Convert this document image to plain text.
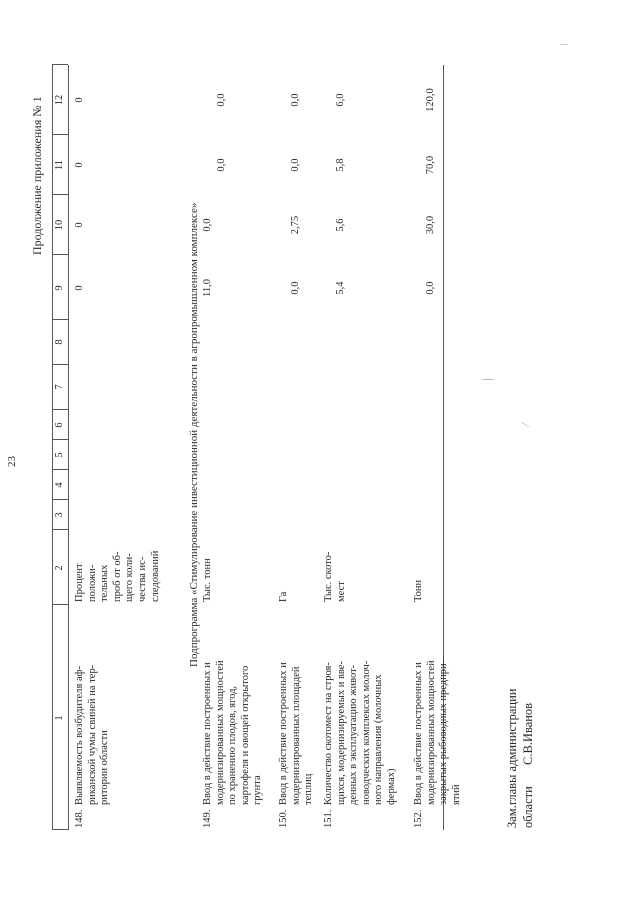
23
Продолжение приложения № 1
1
2
3
4
5
6
7
8
9
10
11
12
148.
Выявляемость возбудителя аф- риканской чумы свиней на тер- ритории области
Процент положи- тельных проб от об- щего коли- чества ис- следований
0
0
0
0
Подпрограмма «Стимулирование инвестиционной деятельности в агропромышленном комплексе»
149.
Ввод в действие построенных и модернизированных мощностей по хранению плодов, ягод, картофеля и овощей открытого грунта
Тыс. тонн
11,0
0,0
0,0
0,0
150.
Ввод в действие построенных и модернизированных площадей теплиц
Га
0,0
2,75
0,0
0,0
151.
Количество скотомест на строя- щихся, модернизируемых и вве- денных в эксплуатацию живот- новодческих комплексах молоч- ного направления (молочных фермах)
Тыс. ското- мест
5,4
5,6
5,8
6,0
152.
Ввод в действие построенных и модернизированных мощностей закрытых рыбоводных предпри- ятий
Тонн
0,0
30,0
70,0
120,0
Зам.главы администрации области
С.В.Иванов
